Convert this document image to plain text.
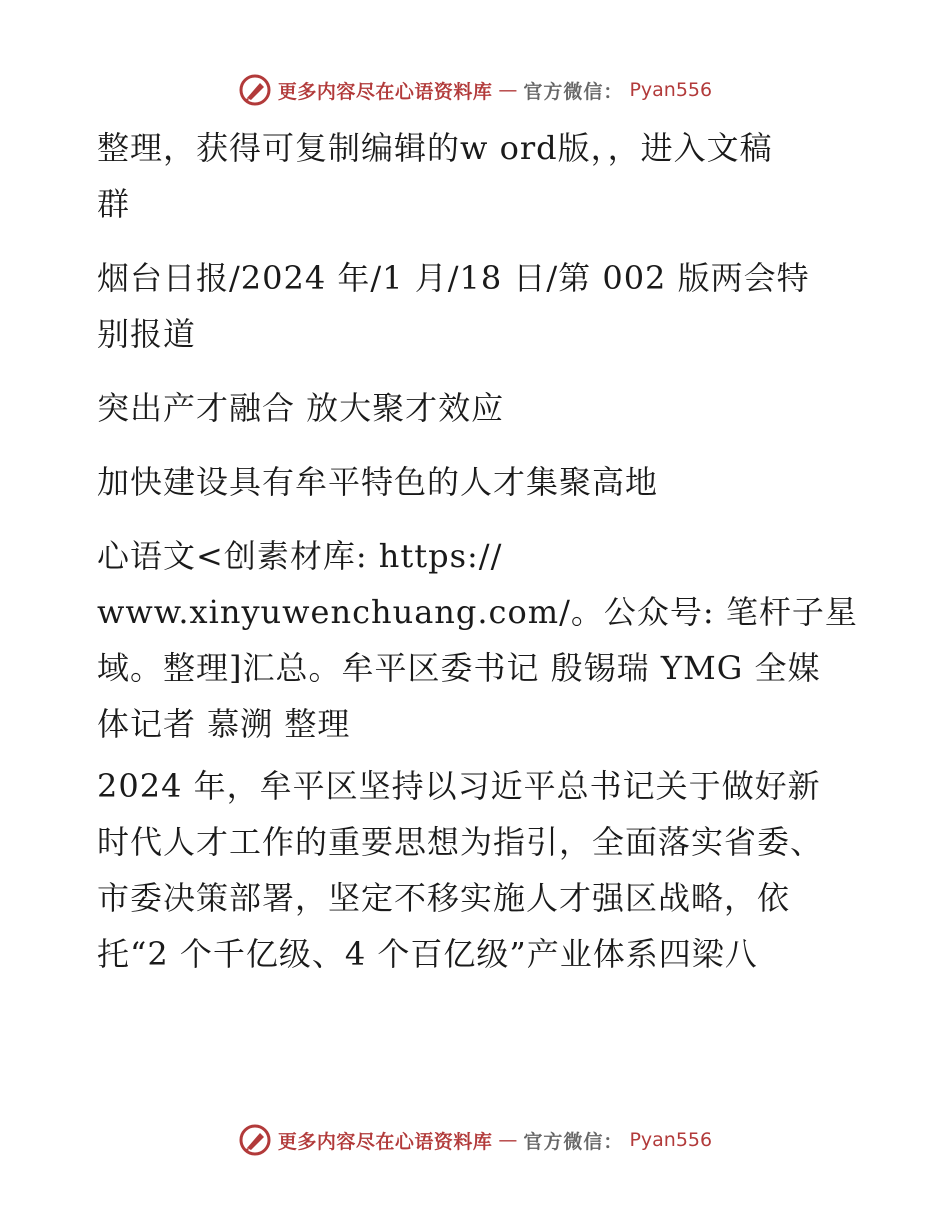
更多内容尽在心语资料库 — 官方微信： Pyan556

整理，获得可复制编辑的w ord版，，进入文稿
群

烟台日报/2024 年/1 月/18 日/第 002 版两会特
别报道

突出产才融合 放大聚才效应

加快建设具有牟平特色的人才集聚高地

心语文<创素材库: https://
www.xinyuwenchuang.com/。公众号: 笔杆子星
域。整理]汇总。牟平区委书记 殷锡瑞 YMG 全媒
体记者 慕溯 整理

2024 年，牟平区坚持以习近平总书记关于做好新
时代人才工作的重要思想为指引，全面落实省委、
市委决策部署，坚定不移实施人才强区战略，依
托“2 个千亿级、4 个百亿级”产业体系四梁八

更多内容尽在心语资料库 — 官方微信： Pyan556
